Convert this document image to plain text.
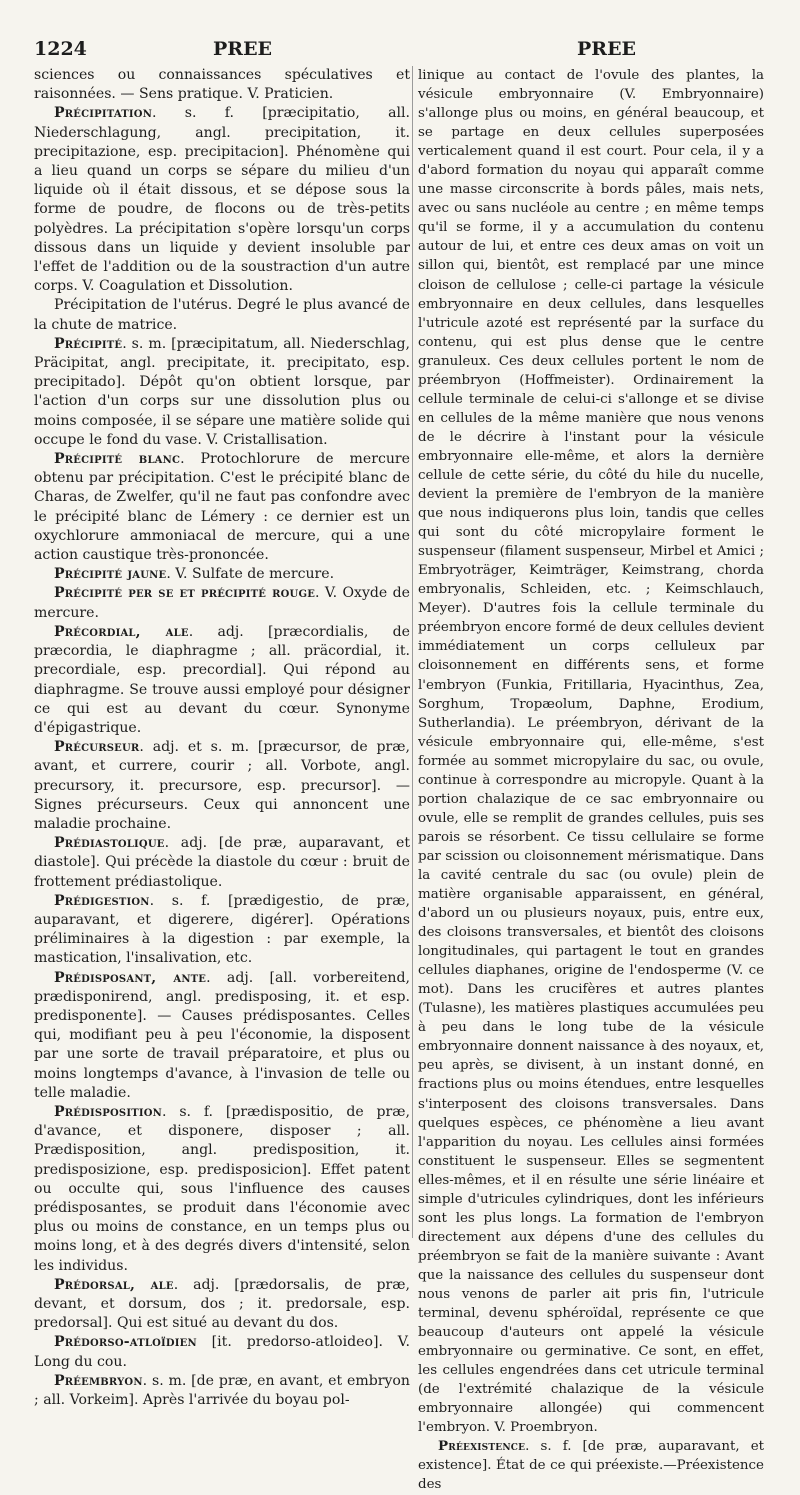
1224	PREE	PREE

sciences ou connaissances spéculatives et raisonnées. — Sens pratique. V. Praticien.

Précipitation. s. f. [præcipitatio, all. Niederschlagung, angl. precipitation, it. precipitazione, esp. precipitacion]. Phénomène qui a lieu quand un corps se sépare du milieu d'un liquide où il était dissous, et se dépose sous la forme de poudre, de flocons ou de très-petits polyèdres. La précipitation s'opère lorsqu'un corps dissous dans un liquide y devient insoluble par l'effet de l'addition ou de la soustraction d'un autre corps. V. Coagulation et Dissolution.

Précipitation de l'utérus. Degré le plus avancé de la chute de matrice.

Précipité. s. m. [præcipitatum, all. Niederschlag, Präcipitat, angl. precipitate, it. precipitato, esp. precipitado]. Dépôt qu'on obtient lorsque, par l'action d'un corps sur une dissolution plus ou moins composée, il se sépare une matière solide qui occupe le fond du vase. V. Cristallisation.

Précipité blanc. Protochlorure de mercure obtenu par précipitation. C'est le précipité blanc de Charas, de Zwelfer, qu'il ne faut pas confondre avec le précipité blanc de Lémery : ce dernier est un oxychlorure ammoniacal de mercure, qui a une action caustique très-prononcée.

Précipité jaune. V. Sulfate de mercure.

Précipité per se et précipité rouge. V. Oxyde de mercure.

Précordial, ale. adj. [præcordialis, de præcordia, le diaphragme ; all. präcordial, it. precordiale, esp. precordial]. Qui répond au diaphragme. Se trouve aussi employé pour désigner ce qui est au devant du cœur. Synonyme d'épigastrique.

Précurseur. adj. et s. m. [præcursor, de præ, avant, et currere, courir ; all. Vorbote, angl. precursory, it. precursore, esp. precursor]. — Signes précurseurs. Ceux qui annoncent une maladie prochaine.

Prédiastolique. adj. [de præ, auparavant, et diastole]. Qui précède la diastole du cœur : bruit de frottement prédiastolique.

Prédigestion. s. f. [prædigestio, de præ, auparavant, et digerere, digérer]. Opérations préliminaires à la digestion : par exemple, la mastication, l'insalivation, etc.

Prédisposant, ante. adj. [all. vorbereitend, prædisponirend, angl. predisposing, it. et esp. predisponente]. — Causes prédisposantes. Celles qui, modifiant peu à peu l'économie, la disposent par une sorte de travail préparatoire, et plus ou moins longtemps d'avance, à l'invasion de telle ou telle maladie.

Prédisposition. s. f. [prædispositio, de præ, d'avance, et disponere, disposer ; all. Prædisposition, angl. predisposition, it. predisposizione, esp. predisposicion]. Effet patent ou occulte qui, sous l'influence des causes prédisposantes, se produit dans l'économie avec plus ou moins de constance, en un temps plus ou moins long, et à des degrés divers d'intensité, selon les individus.

Prédorsal, ale. adj. [prædorsalis, de præ, devant, et dorsum, dos ; it. predorsale, esp. predorsal]. Qui est situé au devant du dos.

Prédorso-atloïdien [it. predorso-atloideo]. V. Long du cou.

Préembryon. s. m. [de præ, en avant, et embryon ; all. Vorkeim]. Après l'arrivée du boyau pol-

linique au contact de l'ovule des plantes, la vésicule embryonnaire (V. Embryonnaire) s'allonge plus ou moins, en général beaucoup, et se partage en deux cellules superposées verticalement quand il est court. Pour cela, il y a d'abord formation du noyau qui apparaît comme une masse circonscrite à bords pâles, mais nets, avec ou sans nucléole au centre ; en même temps qu'il se forme, il y a accumulation du contenu autour de lui, et entre ces deux amas on voit un sillon qui, bientôt, est remplacé par une mince cloison de cellulose ; celle-ci partage la vésicule embryonnaire en deux cellules, dans lesquelles l'utricule azoté est représenté par la surface du contenu, qui est plus dense que le centre granuleux. Ces deux cellules portent le nom de préembryon (Hoffmeister). Ordinairement la cellule terminale de celui-ci s'allonge et se divise en cellules de la même manière que nous venons de le décrire à l'instant pour la vésicule embryonnaire elle-même, et alors la dernière cellule de cette série, du côté du hile du nucelle, devient la première de l'embryon de la manière que nous indiquerons plus loin, tandis que celles qui sont du côté micropylaire forment le suspenseur (filament suspenseur, Mirbel et Amici ; Embryoträger, Keimträger, Keimstrang, chorda embryonalis, Schleiden, etc. ; Keimschlauch, Meyer). D'autres fois la cellule terminale du préembryon encore formé de deux cellules devient immédiatement un corps celluleux par cloisonnement en différents sens, et forme l'embryon (Funkia, Fritillaria, Hyacinthus, Zea, Sorghum, Tropæolum, Daphne, Erodium, Sutherlandia). Le préembryon, dérivant de la vésicule embryonnaire qui, elle-même, s'est formée au sommet micropylaire du sac, ou ovule, continue à correspondre au micropyle. Quant à la portion chalazique de ce sac embryonnaire ou ovule, elle se remplit de grandes cellules, puis ses parois se résorbent. Ce tissu cellulaire se forme par scission ou cloisonnement mérismatique. Dans la cavité centrale du sac (ou ovule) plein de matière organisable apparaissent, en général, d'abord un ou plusieurs noyaux, puis, entre eux, des cloisons transversales, et bientôt des cloisons longitudinales, qui partagent le tout en grandes cellules diaphanes, origine de l'endosperme (V. ce mot). Dans les crucifères et autres plantes (Tulasne), les matières plastiques accumulées peu à peu dans le long tube de la vésicule embryonnaire donnent naissance à des noyaux, et, peu après, se divisent, à un instant donné, en fractions plus ou moins étendues, entre lesquelles s'interposent des cloisons transversales. Dans quelques espèces, ce phénomène a lieu avant l'apparition du noyau. Les cellules ainsi formées constituent le suspenseur. Elles se segmentent elles-mêmes, et il en résulte une série linéaire et simple d'utricules cylindriques, dont les inférieurs sont les plus longs. La formation de l'embryon directement aux dépens d'une des cellules du préembryon se fait de la manière suivante : Avant que la naissance des cellules du suspenseur dont nous venons de parler ait pris fin, l'utricule terminal, devenu sphéroïdal, représente ce que beaucoup d'auteurs ont appelé la vésicule embryonnaire ou germinative. Ce sont, en effet, les cellules engendrées dans cet utricule terminal (de l'extrémité chalazique de la vésicule embryonnaire allongée) qui commencent l'embryon. V. Proembryon.

Préexistence. s. f. [de præ, auparavant, et existence]. État de ce qui préexiste.—Préexistence des
